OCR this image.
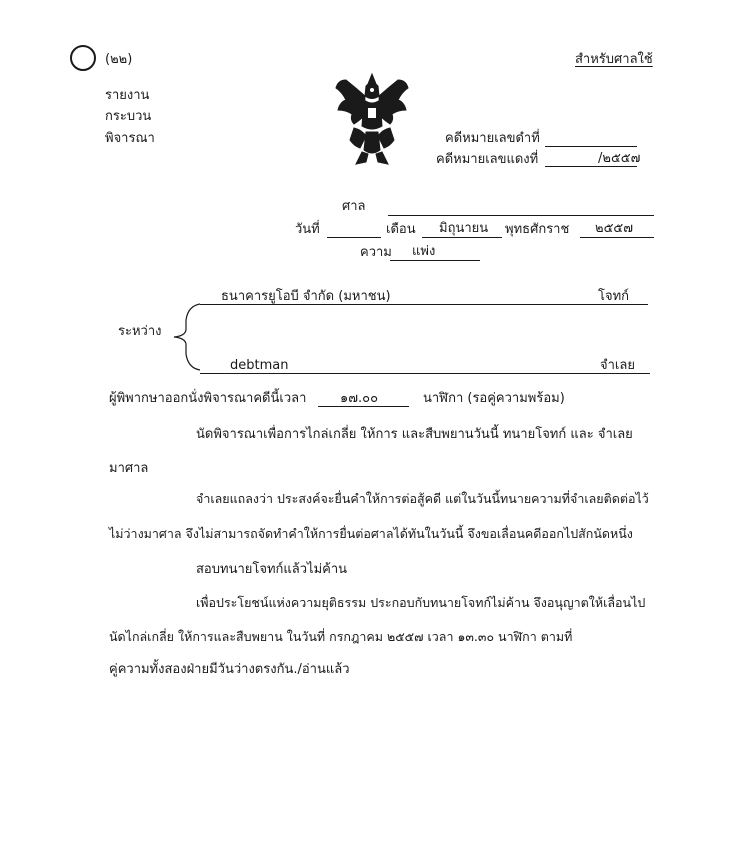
(๒๒)	สำหรับศาลใช้
รายงาน
กระบวน
พิจารณา	คดีหมายเลขดำที่
คดีหมายเลขแดงที่	/๒๕๕๗
ศาล
วันที่	เดือน มิถุนายน พุทธศักราช ๒๕๕๗
ความ แพ่ง
ธนาคารยูโอบี จำกัด (มหาชน)	โจทก์
ระหว่าง
debtman	จำเลย
ผู้พิพากษาออกนั่งพิจารณาคดีนี้เวลา	๑๗.๐๐	นาฬิกา (รอคู่ความพร้อม)
นัดพิจารณาเพื่อการไกล่เกลี่ย ให้การ และสืบพยานวันนี้ ทนายโจทก์ และ จำเลย
มาศาล
จำเลยแถลงว่า ประสงค์จะยื่นคำให้การต่อสู้คดี แต่ในวันนี้ทนายความที่จำเลยติดต่อไว้
ไม่ว่างมาศาล จึงไม่สามารถจัดทำคำให้การยื่นต่อศาลได้ทันในวันนี้ จึงขอเลื่อนคดีออกไปสักนัดหนึ่ง
สอบทนายโจทก์แล้วไม่ค้าน
เพื่อประโยชน์แห่งความยุติธรรม ประกอบกับทนายโจทก์ไม่ค้าน จึงอนุญาตให้เลื่อนไป
นัดไกล่เกลี่ย ให้การและสืบพยาน ในวันที่ กรกฎาคม ๒๕๕๗ เวลา ๑๓.๓๐ นาฬิกา ตามที่
คู่ความทั้งสองฝ่ายมีวันว่างตรงกัน./อ่านแล้ว
